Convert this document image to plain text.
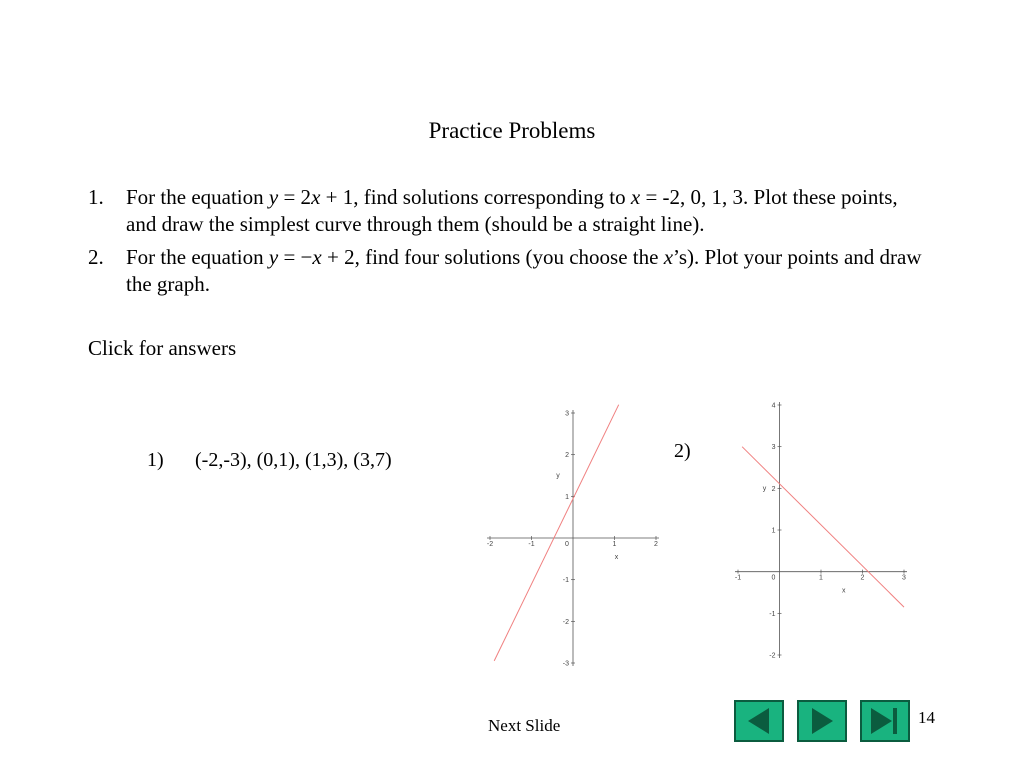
Practice Problems
1. For the equation y = 2x + 1, find solutions corresponding to x = -2, 0, 1, 3. Plot these points, and draw the simplest curve through them (should be a straight line).
2. For the equation y = −x + 2, find four solutions (you choose the x’s). Plot your points and draw the graph.
Click for answers
1) (-2,-3), (0,1), (1,3), (3,7)	2)
-2	-1	0	1	2
-3
-2
-1
1
2
3
x
y
-1	0	1	2	3
-2
-1
1
2
3
4
x
y
Next Slide	14
